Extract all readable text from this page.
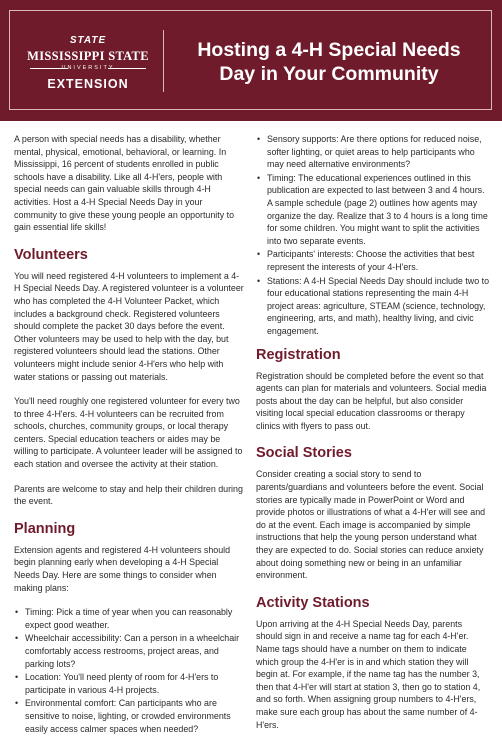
STATE
MISSISSIPPI STATE
UNIVERSITY
EXTENSION
Hosting a 4-H Special Needs
Day in Your Community

A person with special needs has a disability, whether mental, physical, emotional, behavioral, or learning. In Mississippi, 16 percent of students enrolled in public schools have a disability. Like all 4-H'ers, people with special needs can gain valuable skills through 4-H activities. Host a 4-H Special Needs Day in your community to give these young people an opportunity to gain essential life skills!

Volunteers

You will need registered 4-H volunteers to implement a 4-H Special Needs Day. A registered volunteer is a volunteer who has completed the 4-H Volunteer Packet, which includes a background check. Registered volunteers should complete the packet 30 days before the event. Other volunteers may be used to help with the day, but registered volunteers should lead the stations. Other volunteers might include senior 4-H'ers who help with water stations or passing out materials.

You'll need roughly one registered volunteer for every two to three 4-H'ers. 4-H volunteers can be recruited from schools, churches, community groups, or local therapy centers. Special education teachers or aides may be willing to participate. A volunteer leader will be assigned to each station and oversee the activity at their station.

Parents are welcome to stay and help their children during the event.

Planning

Extension agents and registered 4-H volunteers should begin planning early when developing a 4-H Special Needs Day. Here are some things to consider when making plans:

• Timing: Pick a time of year when you can reasonably expect good weather.
• Wheelchair accessibility: Can a person in a wheelchair comfortably access restrooms, project areas, and parking lots?
• Location: You'll need plenty of room for 4-H'ers to participate in various 4-H projects.
• Environmental comfort: Can participants who are sensitive to noise, lighting, or crowded environments easily access calmer spaces when needed?
• Sensory supports: Are there options for reduced noise, softer lighting, or quiet areas to help participants who may need alternative environments?
• Timing: The educational experiences outlined in this publication are expected to last between 3 and 4 hours. A sample schedule (page 2) outlines how agents may organize the day. Realize that 3 to 4 hours is a long time for some children. You might want to split the activities into two separate events.
• Participants' interests: Choose the activities that best represent the interests of your 4-H'ers.
• Stations: A 4-H Special Needs Day should include two to four educational stations representing the main 4-H project areas: agriculture, STEAM (science, technology, engineering, arts, and math), healthy living, and civic engagement.
Registration

Registration should be completed before the event so that agents can plan for materials and volunteers. Social media posts about the day can be helpful, but also consider visiting local special education classrooms or therapy clinics with flyers to pass out.

Social Stories

Consider creating a social story to send to parents/guardians and volunteers before the event. Social stories are typically made in PowerPoint or Word and provide photos or illustrations of what a 4-H'er will see and do at the event. Each image is accompanied by simple instructions that help the young person understand what they are expected to do. Social stories can reduce anxiety about doing something new or being in an unfamiliar environment.

Activity Stations

Upon arriving at the 4-H Special Needs Day, parents should sign in and receive a name tag for each 4-H'er. Name tags should have a number on them to indicate which group the 4-H'er is in and which station they will begin at. For example, if the name tag has the number 3, then that 4-H'er will start at station 3, then go to station 4, and so forth. When assigning group numbers to 4-H'ers, make sure each group has about the same number of 4-H'ers.
